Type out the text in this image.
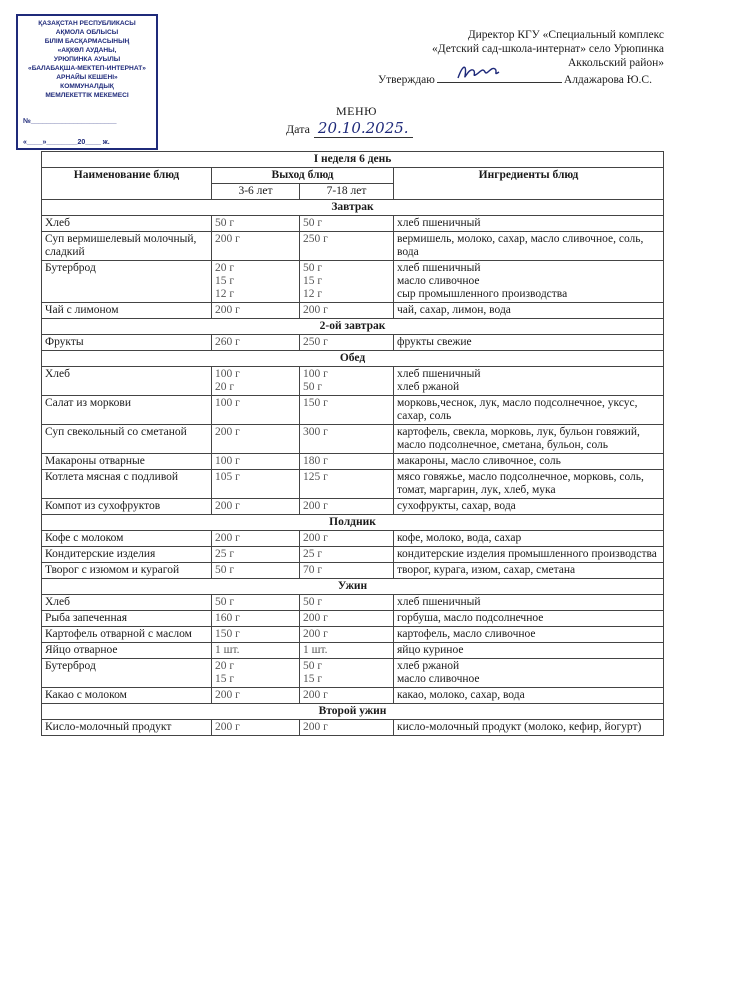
ҚАЗАҚСТАН РЕСПУБЛИКАСЫ
АҚМОЛА ОБЛЫСЫ
БІЛІМ БАСҚАРМАСЫНЫҢ
«АҚКӨЛ АУДАНЫ,
УРЮПИНКА АУЫЛЫ
«БАЛАБАҚША-МЕКТЕП-ИНТЕРНАТ»
АРНАЙЫ КЕШЕНІ»
КОММУНАЛДЫҚ
МЕМЛЕКЕТТІК МЕКЕМЕСІ
№______________________
«____»________20____ ж.
Директор КГУ «Специальный комплекс
«Детский сад-школа-интернат» село Урюпинка
Аккольский район»
Утверждаю	Алдажарова Ю.С.
МЕНЮ
Дата 20.10.2025.
I неделя 6 день			
Наименование блюд	Выход блюд		Ингредиенты блюд
	3-6 лет	7-18 лет	
Завтрак			
Хлеб	50 г	50 г	хлеб пшеничный

Суп вермишелевый молочный, сладкий	200 г	250 г	вермишель, молоко, сахар, масло сливочное, соль, вода

Бутерброд	20 г
15 г
12 г	50 г
15 г
12 г	хлеб пшеничный
масло сливочное
сыр промышленного производства

Чай с лимоном	200 г	200 г	чай, сахар, лимон, вода

2-ой завтрак			
Фрукты	260 г	250 г	фрукты свежие

Обед			
Хлеб	100 г
20 г	100 г
50 г	хлеб пшеничный
хлеб ржаной

Салат из моркови	100 г	150 г	морковь,чеснок, лук, масло подсолнечное, уксус, сахар, соль

Суп свекольный со сметаной	200 г	300 г	картофель, свекла, морковь, лук, бульон говяжий, масло подсолнечное, сметана, бульон, соль

Макароны отварные	100 г	180 г	макароны, масло сливочное, соль

Котлета мясная с подливой	105 г	125 г	мясо говяжье, масло подсолнечное, морковь, соль, томат, маргарин, лук, хлеб, мука

Компот из сухофруктов	200 г	200 г	сухофрукты, сахар, вода

Полдник			
Кофе с молоком	200 г	200 г	кофе, молоко, вода, сахар

Кондитерские изделия	25 г	25 г	кондитерские изделия промышленного производства

Творог с изюмом и курагой	50 г	70 г	творог, курага, изюм, сахар, сметана

Ужин			
Хлеб	50 г	50 г	хлеб пшеничный

Рыба запеченная	160 г	200 г	горбуша, масло подсолнечное

Картофель отварной с маслом	150 г	200 г	картофель, масло сливочное

Яйцо отварное	1 шт.	1 шт.	яйцо куриное

Бутерброд	20 г
15 г	50 г
15 г	хлеб ржаной
масло сливочное

Какао с молоком	200 г	200 г	какао, молоко, сахар, вода

Второй ужин			
Кисло-молочный продукт	200 г	200 г	кисло-молочный продукт (молоко, кефир, йогурт)
